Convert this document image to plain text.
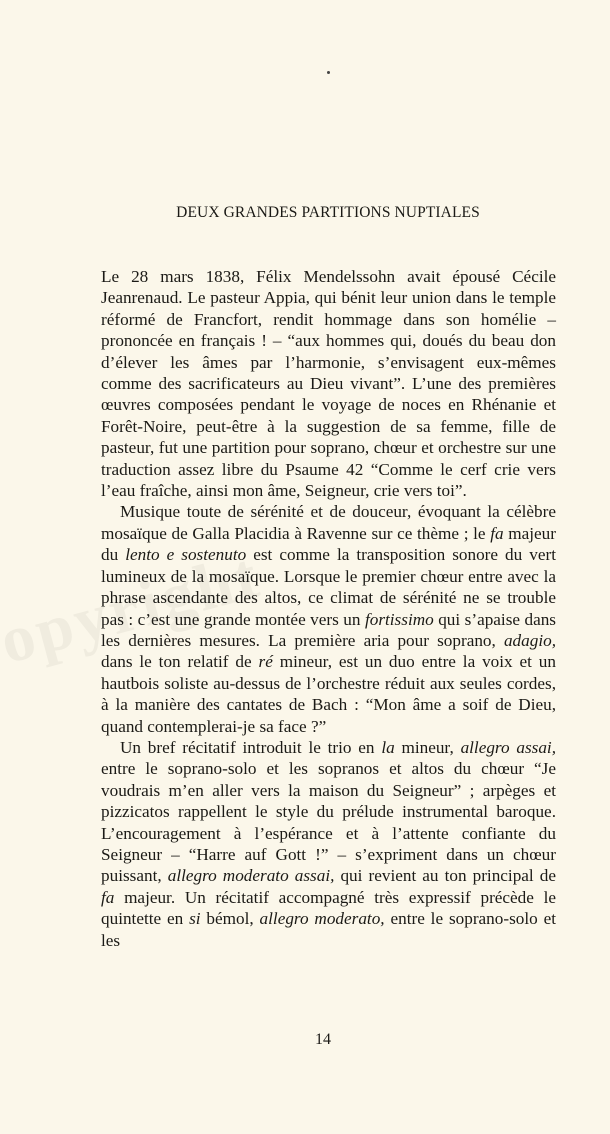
DEUX GRANDES PARTITIONS NUPTIALES

Le 28 mars 1838, Félix Mendelssohn avait épousé Cécile Jeanrenaud. Le pasteur Appia, qui bénit leur union dans le temple réformé de Francfort, rendit hommage dans son homélie – prononcée en français ! – “aux hommes qui, doués du beau don d’élever les âmes par l’harmonie, s’envisagent eux-mêmes comme des sacrificateurs au Dieu vivant”. L’une des premières œuvres composées pendant le voyage de noces en Rhénanie et Forêt-Noire, peut-être à la suggestion de sa femme, fille de pasteur, fut une partition pour soprano, chœur et orchestre sur une traduction assez libre du Psaume 42 “Comme le cerf crie vers l’eau fraîche, ainsi mon âme, Seigneur, crie vers toi”.

Musique toute de sérénité et de douceur, évoquant la célèbre mosaïque de Galla Placidia à Ravenne sur ce thème ; le fa majeur du lento e sostenuto est comme la transposition sonore du vert lumineux de la mosaïque. Lorsque le premier chœur entre avec la phrase ascendante des altos, ce climat de sérénité ne se trouble pas : c’est une grande montée vers un fortissimo qui s’apaise dans les dernières mesures. La première aria pour soprano, adagio, dans le ton relatif de ré mineur, est un duo entre la voix et un hautbois soliste au-dessus de l’orchestre réduit aux seules cordes, à la manière des cantates de Bach : “Mon âme a soif de Dieu, quand contemplerai-je sa face ?”

Un bref récitatif introduit le trio en la mineur, allegro assai, entre le soprano-solo et les sopranos et altos du chœur “Je voudrais m’en aller vers la maison du Seigneur” ; arpèges et pizzicatos rappellent le style du prélude instrumental baroque. L’encouragement à l’espérance et à l’attente confiante du Seigneur – “Harre auf Gott !” – s’expriment dans un chœur puissant, allegro moderato assai, qui revient au ton principal de fa majeur. Un récitatif accompagné très expressif précède le quintette en si bémol, allegro moderato, entre le soprano-solo et les

14
